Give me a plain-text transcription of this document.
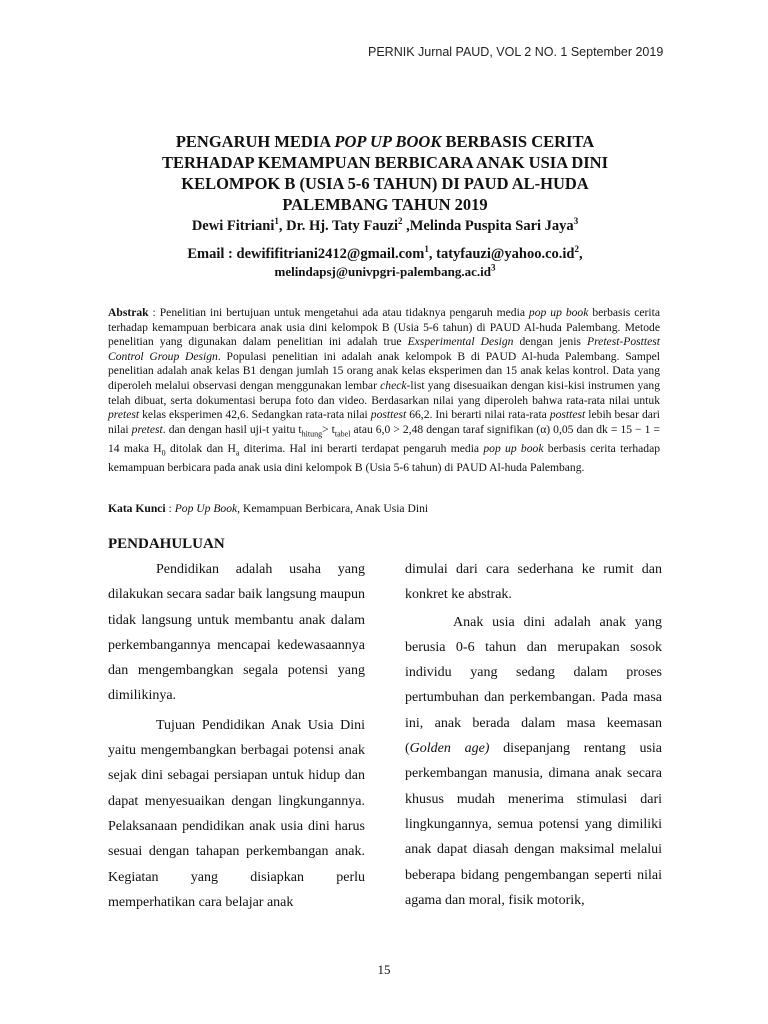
PERNIK Jurnal PAUD, VOL 2 NO. 1 September 2019
PENGARUH MEDIA POP UP BOOK BERBASIS CERITA
TERHADAP KEMAMPUAN BERBICARA ANAK USIA DINI
KELOMPOK B (USIA 5-6 TAHUN) DI PAUD AL-HUDA
PALEMBANG TAHUN 2019
Dewi Fitriani$^1$, Dr. Hj. Taty Fauzi$^2$ ,Melinda Puspita Sari Jaya$^3$
Email : dewififitriani2412@gmail.com$^1$, $tatyfauzi@yahoo.co.id^2$,
$melindapsj@univpgri-palembang.ac.id^3$
Abstrak : Penelitian ini bertujuan untuk mengetahui ada atau tidaknya pengaruh media pop up book berbasis cerita terhadap kemampuan berbicara anak usia dini kelompok B (Usia 5-6 tahun) di PAUD Al-huda Palembang. Metode penelitian yang digunakan dalam penelitian ini adalah true Exsperimental Design dengan jenis Pretest-Posttest Control Group Design. Populasi penelitian ini adalah anak kelompok B di PAUD Al-huda Palembang. Sampel penelitian adalah anak kelas B1 dengan jumlah 15 orang anak kelas eksperimen dan 15 anak kelas kontrol. Data yang diperoleh melalui observasi dengan menggunakan lembar check-list yang disesuaikan dengan kisi-kisi instrumen yang telah dibuat, serta dokumentasi berupa foto dan video. Berdasarkan nilai yang diperoleh bahwa rata-rata nilai untuk pretest kelas eksperimen 42,6. Sedangkan rata-rata nilai posttest 66,2. Ini berarti nilai rata-rata posttest lebih besar dari nilai pretest. dan dengan hasil uji-t yaitu $t_{hitung}> t_{tabel}$ atau 6,0 > 2,48 dengan taraf signifikan (α) 0,05 dan dk = 15 − 1 = 14 maka $H_0$ ditolak dan $H_a$ diterima. Hal ini berarti terdapat pengaruh media pop up book berbasis cerita terhadap kemampuan berbicara pada anak usia dini kelompok B (Usia 5-6 tahun) di PAUD Al-huda Palembang.
Kata Kunci : Pop Up Book, Kemampuan Berbicara, Anak Usia Dini
PENDAHULUAN

Pendidikan adalah usaha yang dilakukan secara sadar baik langsung maupun tidak langsung untuk membantu anak dalam perkembangannya mencapai kedewasaannya dan mengembangkan segala potensi yang dimilikinya.

Tujuan Pendidikan Anak Usia Dini yaitu mengembangkan berbagai potensi anak sejak dini sebagai persiapan untuk hidup dan dapat menyesuaikan dengan lingkungannya. Pelaksanaan pendidikan anak usia dini harus sesuai dengan tahapan perkembangan anak. Kegiatan yang disiapkan perlu memperhatikan cara belajar anak

dimulai dari cara sederhana ke rumit dan konkret ke abstrak.

Anak usia dini adalah anak yang berusia 0-6 tahun dan merupakan sosok individu yang sedang dalam proses pertumbuhan dan perkembangan. Pada masa ini, anak berada dalam masa keemasan (Golden age) disepanjang rentang usia perkembangan manusia, dimana anak secara khusus mudah menerima stimulasi dari lingkungannya, semua potensi yang dimiliki anak dapat diasah dengan maksimal melalui beberapa bidang pengembangan seperti nilai agama dan moral, fisik motorik,

15
